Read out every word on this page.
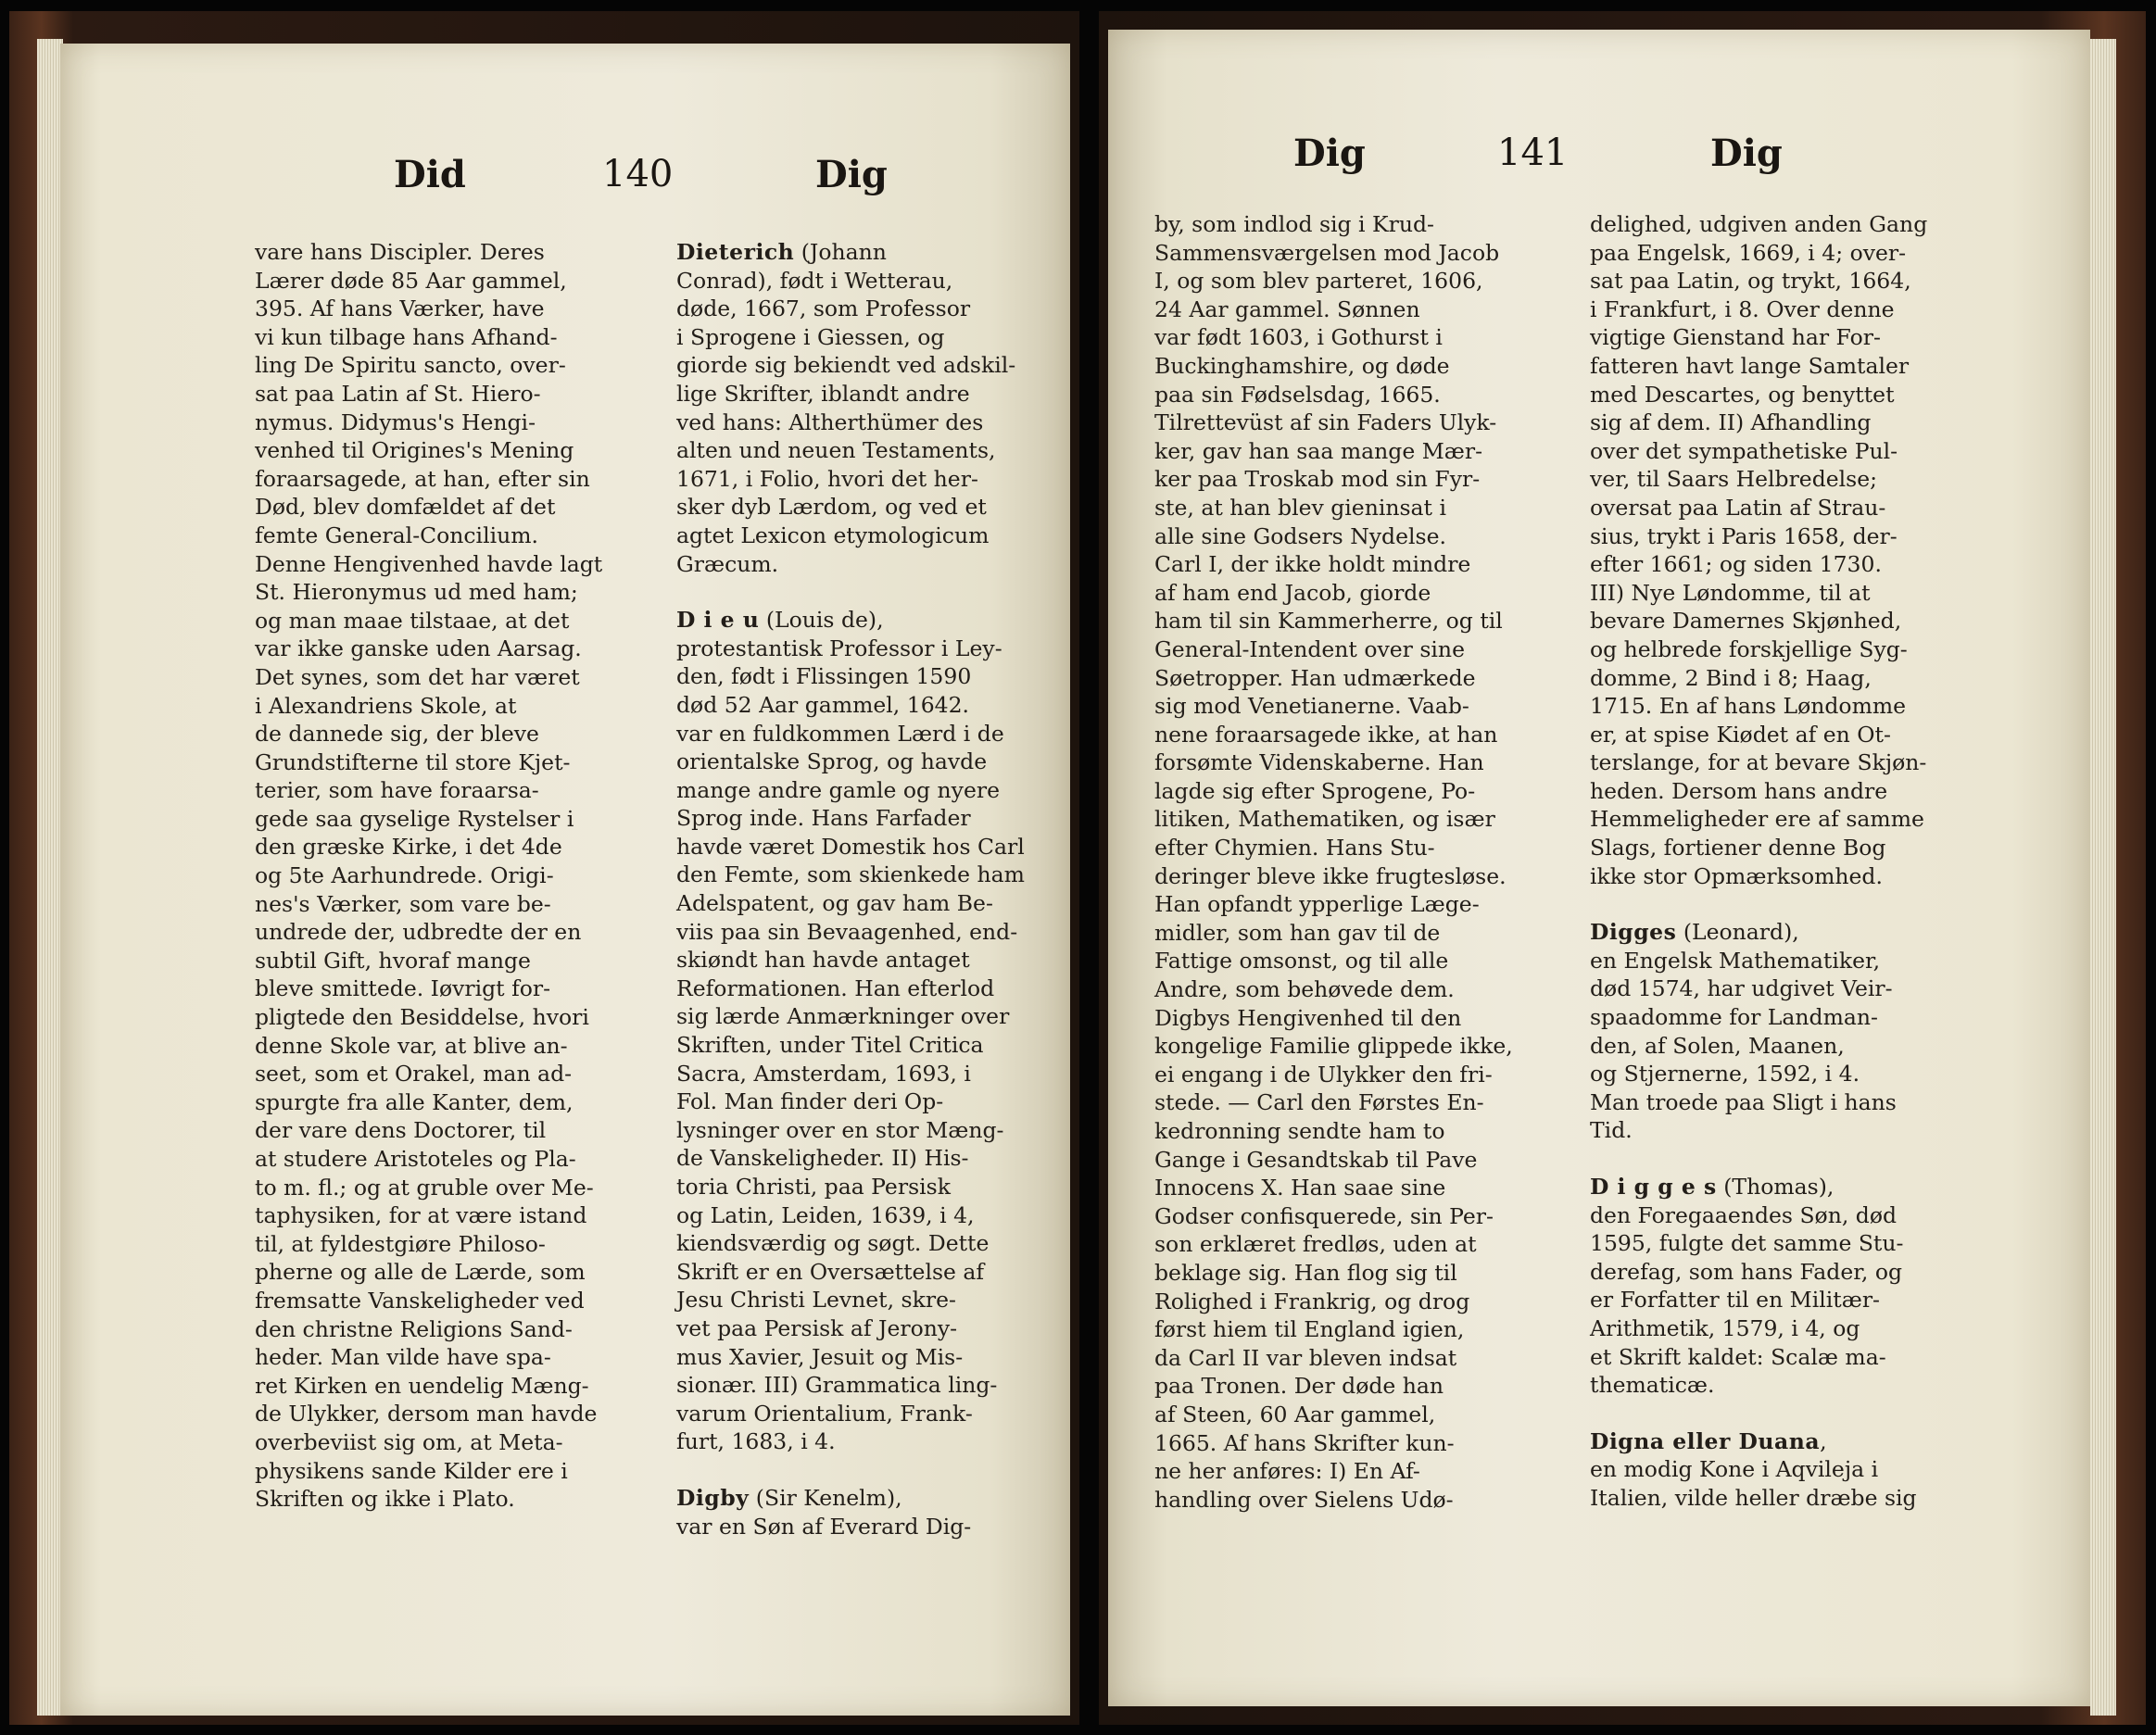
Did	140	Dig

vare hans Discipler. Deres
Lærer døde 85 Aar gammel,
395. Af hans Værker, have
vi kun tilbage hans Afhand-
ling De Spiritu sancto, over-
sat paa Latin af St. Hiero-
nymus. Didymus's Hengi-
venhed til Origines's Mening
foraarsagede, at han, efter sin
Død, blev domfældet af det
femte General-Concilium.
Denne Hengivenhed havde lagt
St. Hieronymus ud med ham;
og man maae tilstaae, at det
var ikke ganske uden Aarsag.
Det synes, som det har været
i Alexandriens Skole, at
de dannede sig, der bleve
Grundstifterne til store Kjet-
terier, som have foraarsa-
gede saa gyselige Rystelser i
den græske Kirke, i det 4de
og 5te Aarhundrede. Origi-
nes's Værker, som vare be-
undrede der, udbredte der en
subtil Gift, hvoraf mange
bleve smittede. Iøvrigt for-
pligtede den Besiddelse, hvori
denne Skole var, at blive an-
seet, som et Orakel, man ad-
spurgte fra alle Kanter, dem,
der vare dens Doctorer, til
at studere Aristoteles og Pla-
to m. fl.; og at gruble over Me-
taphysiken, for at være istand
til, at fyldestgiøre Philoso-
pherne og alle de Lærde, som
fremsatte Vanskeligheder ved
den christne Religions Sand-
heder. Man vilde have spa-
ret Kirken en uendelig Mæng-
de Ulykker, dersom man havde
overbeviist sig om, at Meta-
physikens sande Kilder ere i
Skriften og ikke i Plato.

Dieterich (Johann
Conrad), født i Wetterau,
døde, 1667, som Professor
i Sprogene i Giessen, og
giorde sig bekiendt ved adskil-
lige Skrifter, iblandt andre
ved hans: Altherthümer des
alten und neuen Testaments,
1671, i Folio, hvori det her-
sker dyb Lærdom, og ved et
agtet Lexicon etymologicum
Græcum.

D i e u (Louis de),
protestantisk Professor i Ley-
den, født i Flissingen 1590
død 52 Aar gammel, 1642.
var en fuldkommen Lærd i de
orientalske Sprog, og havde
mange andre gamle og nyere
Sprog inde. Hans Farfader
havde været Domestik hos Carl
den Femte, som skienkede ham
Adelspatent, og gav ham Be-
viis paa sin Bevaagenhed, end-
skiøndt han havde antaget
Reformationen. Han efterlod
sig lærde Anmærkninger over
Skriften, under Titel Critica
Sacra, Amsterdam, 1693, i
Fol. Man finder deri Op-
lysninger over en stor Mæng-
de Vanskeligheder. II) His-
toria Christi, paa Persisk
og Latin, Leiden, 1639, i 4,
kiendsværdig og søgt. Dette
Skrift er en Oversættelse af
Jesu Christi Levnet, skre-
vet paa Persisk af Jerony-
mus Xavier, Jesuit og Mis-
sionær. III) Grammatica ling-
varum Orientalium, Frank-
furt, 1683, i 4.

Digby (Sir Kenelm),
var en Søn af Everard Dig-

Dig	141	Dig

by, som indlod sig i Krud-
Sammensværgelsen mod Jacob
I, og som blev parteret, 1606,
24 Aar gammel. Sønnen
var født 1603, i Gothurst i
Buckinghamshire, og døde
paa sin Fødselsdag, 1665.
Tilrettevüst af sin Faders Ulyk-
ker, gav han saa mange Mær-
ker paa Troskab mod sin Fyr-
ste, at han blev gieninsat i
alle sine Godsers Nydelse.
Carl I, der ikke holdt mindre
af ham end Jacob, giorde
ham til sin Kammerherre, og til
General-Intendent over sine
Søetropper. Han udmærkede
sig mod Venetianerne. Vaab-
nene foraarsagede ikke, at han
forsømte Videnskaberne. Han
lagde sig efter Sprogene, Po-
litiken, Mathematiken, og især
efter Chymien. Hans Stu-
deringer bleve ikke frugtesløse.
Han opfandt ypperlige Læge-
midler, som han gav til de
Fattige omsonst, og til alle
Andre, som behøvede dem.
Digbys Hengivenhed til den
kongelige Familie glippede ikke,
ei engang i de Ulykker den fri-
stede. — Carl den Førstes En-
kedronning sendte ham to
Gange i Gesandtskab til Pave
Innocens X. Han saae sine
Godser confisquerede, sin Per-
son erklæret fredløs, uden at
beklage sig. Han flog sig til
Rolighed i Frankrig, og drog
først hiem til England igien,
da Carl II var bleven indsat
paa Tronen. Der døde han
af Steen, 60 Aar gammel,
1665. Af hans Skrifter kun-
ne her anføres: I) En Af-
handling over Sielens Udø-

delighed, udgiven anden Gang
paa Engelsk, 1669, i 4; over-
sat paa Latin, og trykt, 1664,
i Frankfurt, i 8. Over denne
vigtige Gienstand har For-
fatteren havt lange Samtaler
med Descartes, og benyttet
sig af dem. II) Afhandling
over det sympathetiske Pul-
ver, til Saars Helbredelse;
oversat paa Latin af Strau-
sius, trykt i Paris 1658, der-
efter 1661; og siden 1730.
III) Nye Løndomme, til at
bevare Damernes Skjønhed,
og helbrede forskjellige Syg-
domme, 2 Bind i 8; Haag,
1715. En af hans Løndomme
er, at spise Kiødet af en Ot-
terslange, for at bevare Skjøn-
heden. Dersom hans andre
Hemmeligheder ere af samme
Slags, fortiener denne Bog
ikke stor Opmærksomhed.

Digges (Leonard),
en Engelsk Mathematiker,
død 1574, har udgivet Veir-
spaadomme for Landman-
den, af Solen, Maanen,
og Stjernerne, 1592, i 4.
Man troede paa Sligt i hans
Tid.

D i g g e s (Thomas),
den Foregaaendes Søn, død
1595, fulgte det samme Stu-
derefag, som hans Fader, og
er Forfatter til en Militær-
Arithmetik, 1579, i 4, og
et Skrift kaldet: Scalæ ma-
thematicæ.

Digna eller Duana,
en modig Kone i Aqvileja i
Italien, vilde heller dræbe sig
